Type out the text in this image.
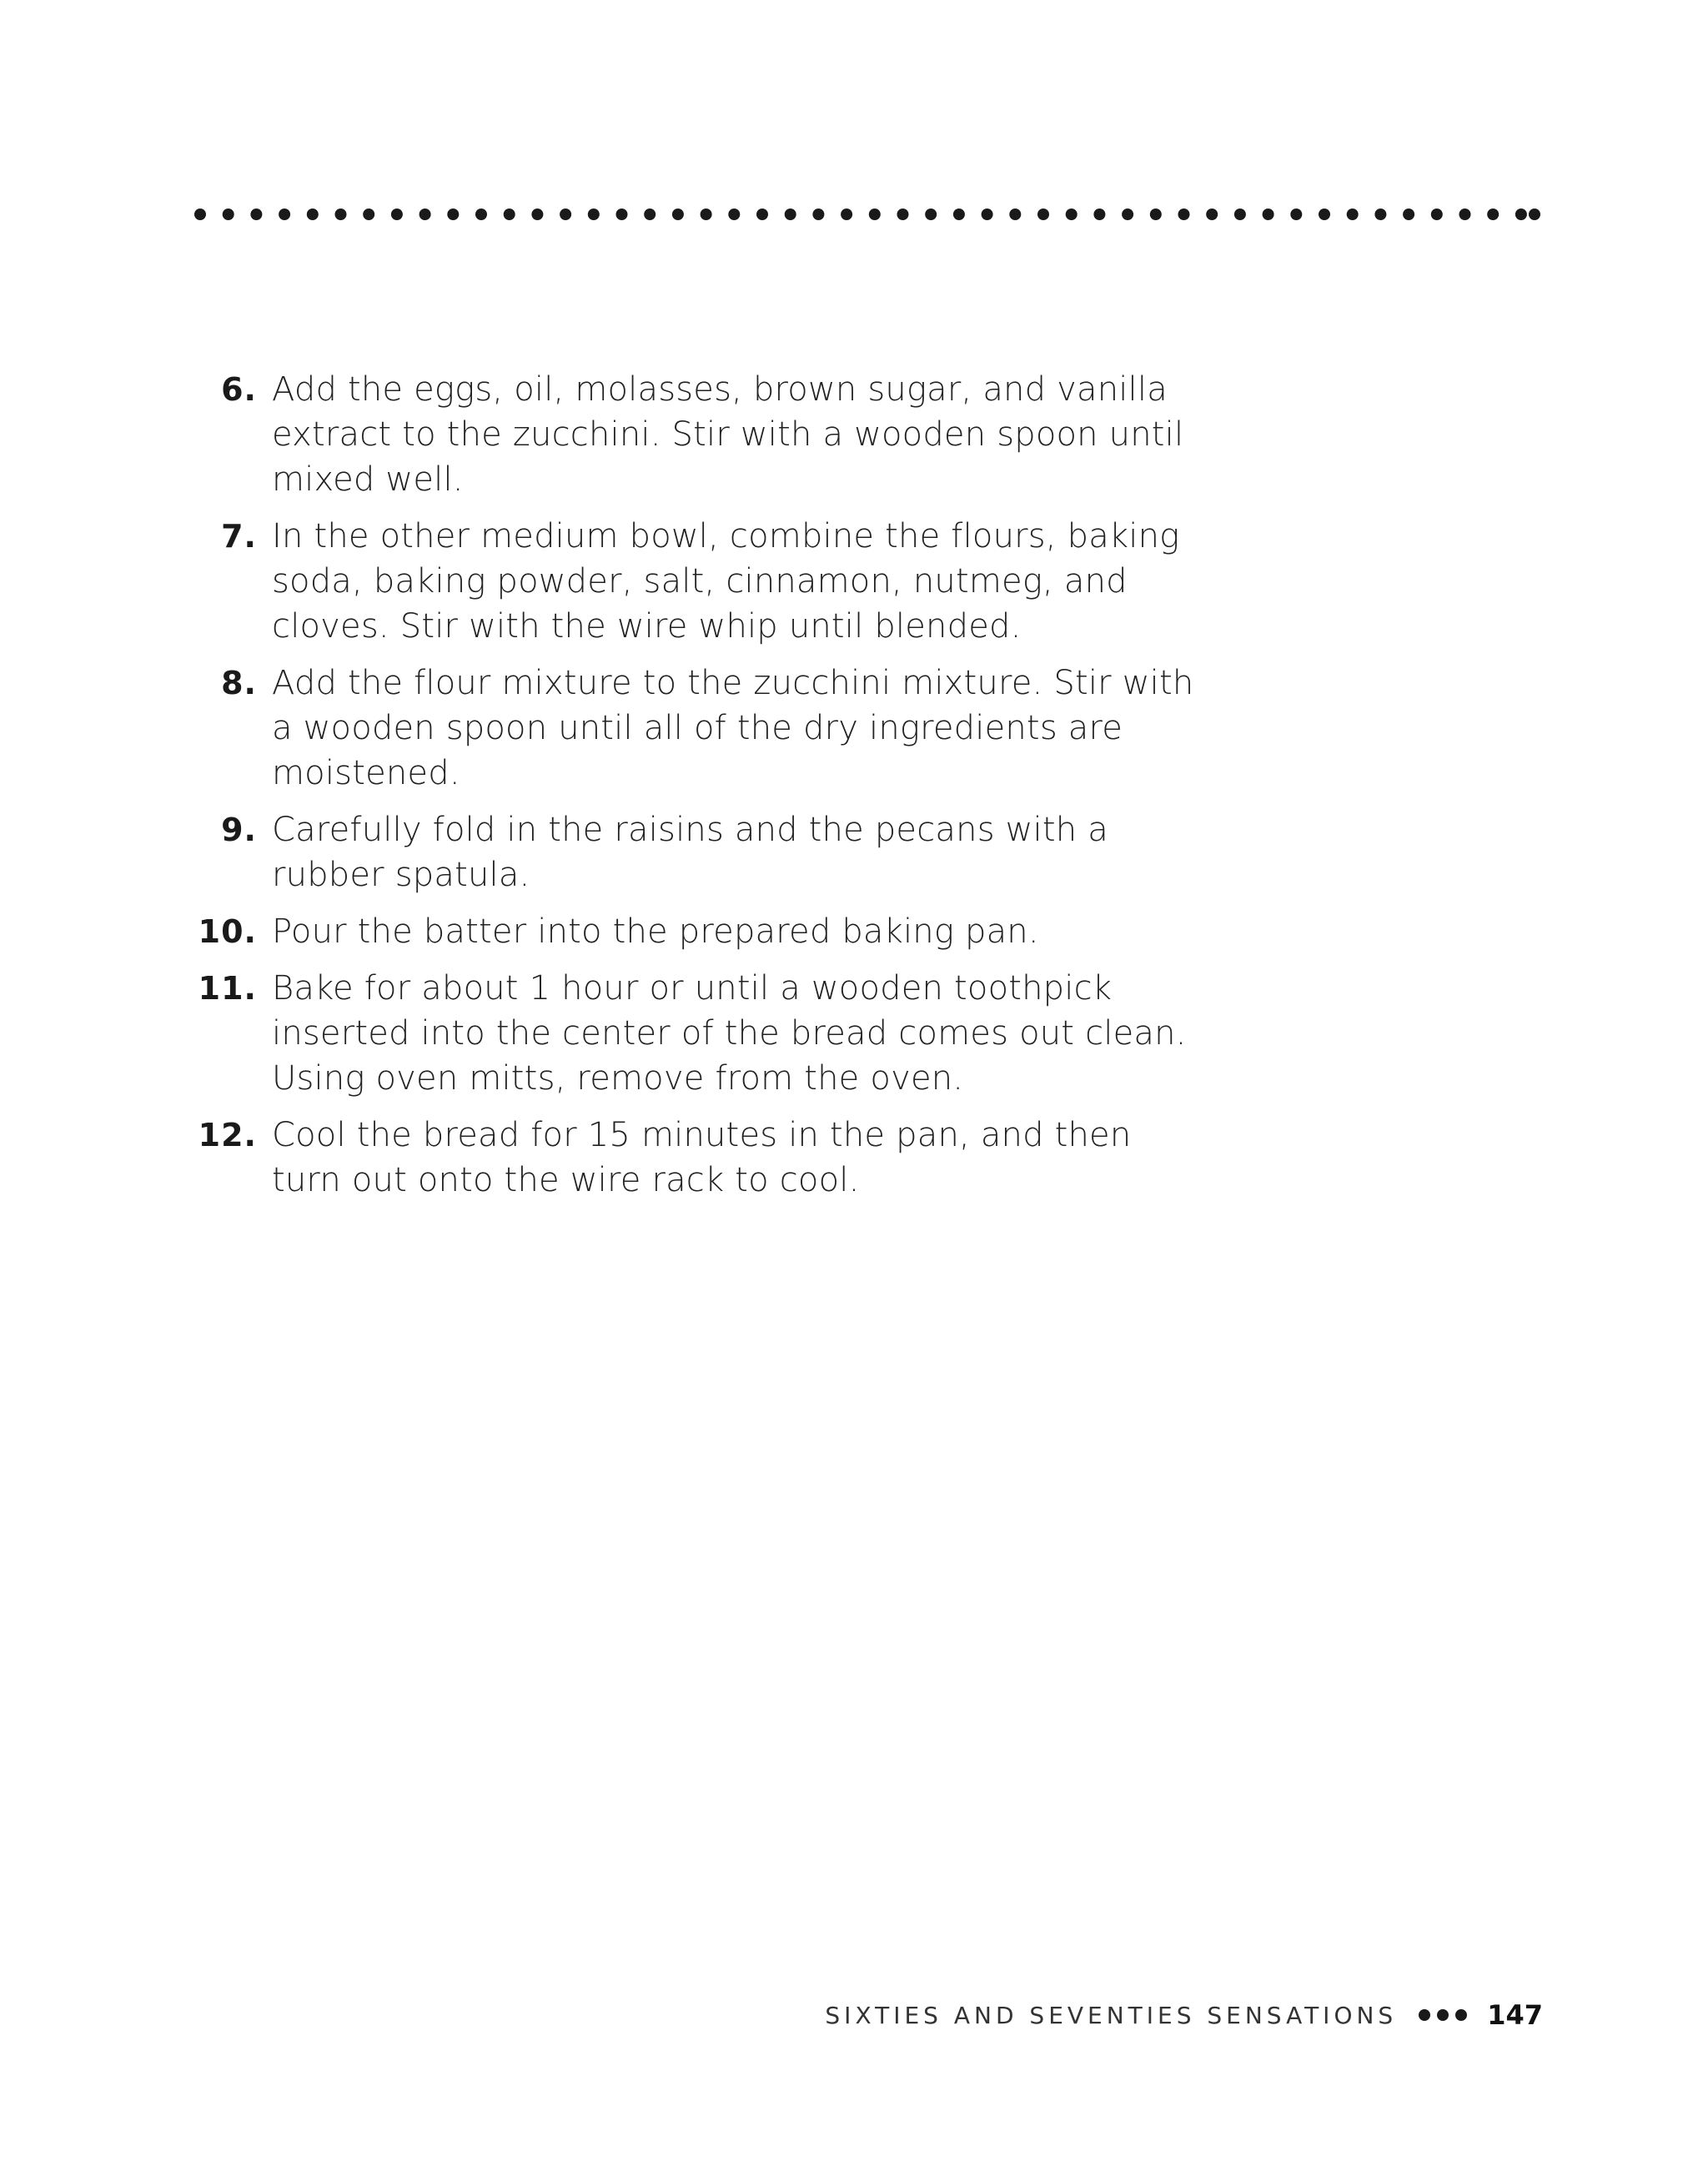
6. Add the eggs, oil, molasses, brown sugar, and vanilla extract to the zucchini. Stir with a wooden spoon until mixed well.
7. In the other medium bowl, combine the flours, baking soda, baking powder, salt, cinnamon, nutmeg, and cloves. Stir with the wire whip until blended.
8. Add the flour mixture to the zucchini mixture. Stir with a wooden spoon until all of the dry ingredients are moistened.
9. Carefully fold in the raisins and the pecans with a rubber spatula.
10. Pour the batter into the prepared baking pan.
11. Bake for about 1 hour or until a wooden toothpick inserted into the center of the bread comes out clean. Using oven mitts, remove from the oven.
12. Cool the bread for 15 minutes in the pan, and then turn out onto the wire rack to cool.
SIXTIES AND SEVENTIES SENSATIONS	147
